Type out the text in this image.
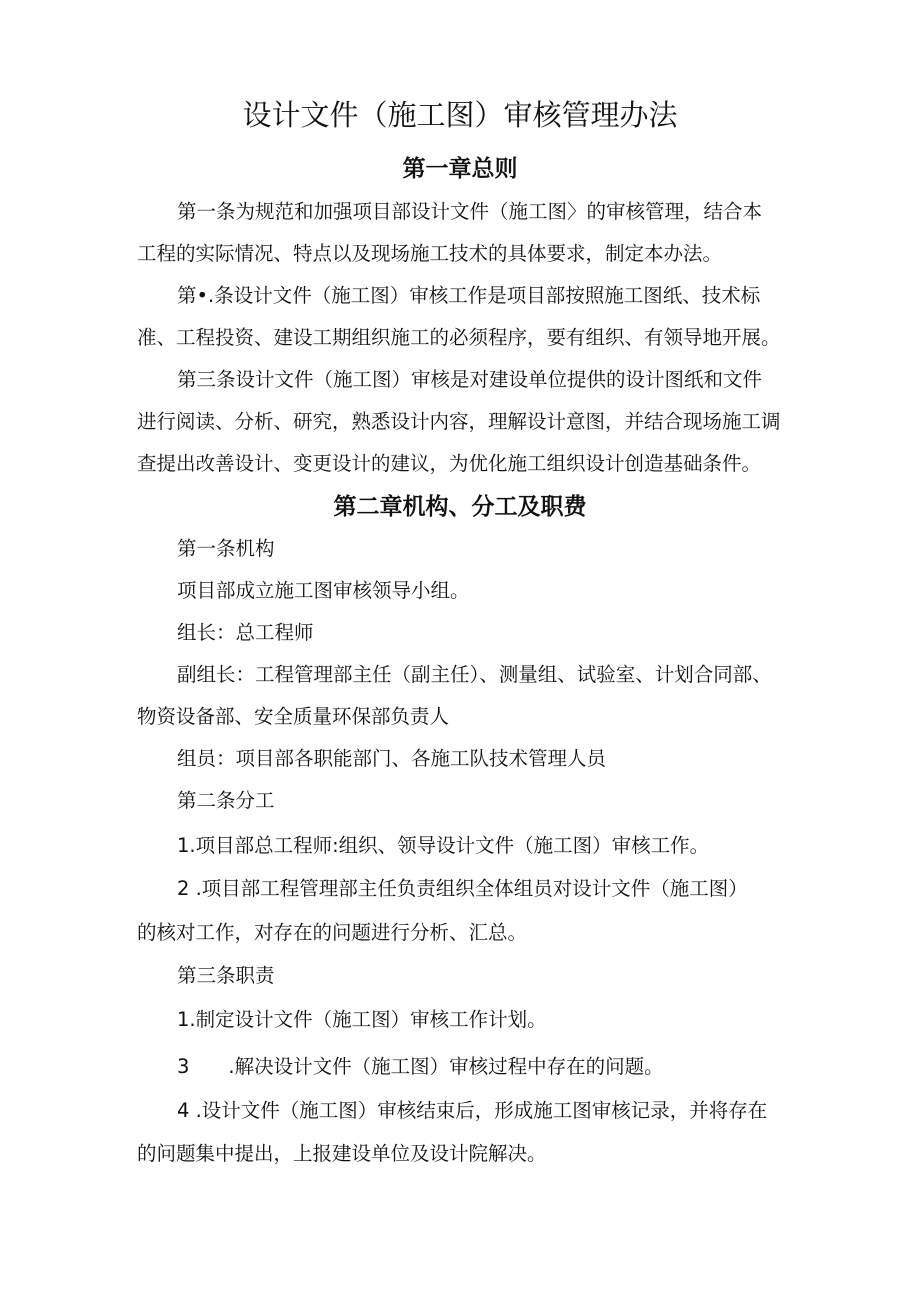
设计文件（施工图）审核管理办法
第一章总则

第一条为规范和加强项目部设计文件（施工图〉的审核管理，结合本

工程的实际情况、特点以及现场施工技术的具体要求，制定本办法。

第•.条设计文件（施工图）审核工作是项目部按照施工图纸、技术标

准、工程投资、建设工期组织施工的必须程序，要有组织、有领导地开展。

第三条设计文件（施工图）审核是对建设单位提供的设计图纸和文件

进行阅读、分析、研究，熟悉设计内容，理解设计意图，并结合现场施工调

查提出改善设计、变更设计的建议，为优化施工组织设计创造基础条件。

第二章机构、分工及职费

第一条机构

项目部成立施工图审核领导小组。

组长：总工程师

副组长：工程管理部主任（副主任）、测量组、试验室、计划合同部、

物资设备部、安全质量环保部负责人

组员：项目部各职能部门、各施工队技术管理人员

第二条分工

1.项目部总工程师:组织、领导设计文件（施工图）审核工作。

2 .项目部工程管理部主任负责组织全体组员对设计文件（施工图）

的核对工作，对存在的问题进行分析、汇总。

第三条职责

1.制定设计文件（施工图）审核工作计划。

3　　.解决设计文件（施工图）审核过程中存在的问题。

4 .设计文件（施工图）审核结束后，形成施工图审核记录，并将存在

的问题集中提出，上报建设单位及设计院解决。
